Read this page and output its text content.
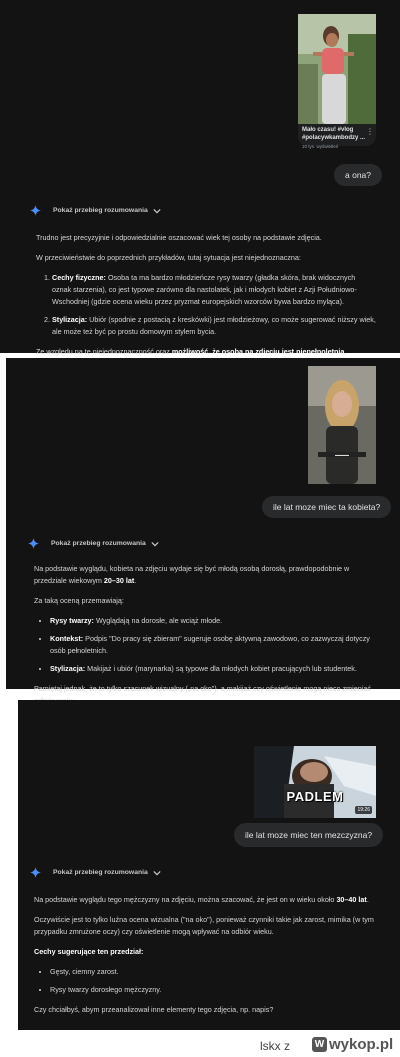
Mało czasu! #vlog #polacywkambodzy ...
10 tys. wyświetleń
⋮
a ona?
Pokaż przebieg rozumowania

Trudno jest precyzyjnie i odpowiedzialnie oszacować wiek tej osoby na podstawie zdjęcia.

W przeciwieństwie do poprzednich przykładów, tutaj sytuacja jest niejednoznaczna:

1. Cechy fizyczne: Osoba ta ma bardzo młodzieńcze rysy twarzy (gładka skóra, brak widocznych oznak starzenia), co jest typowe zarówno dla nastolatek, jak i młodych kobiet z Azji Południowo-Wschodniej (gdzie ocena wieku przez pryzmat europejskich wzorców bywa bardzo myląca).
2. Stylizacja: Ubiór (spodnie z postacią z kreskówki) jest młodzieżowy, co może sugerować niższy wiek, ale może też być po prostu domowym stylem bycia.

Ze względu na tę niejednoznaczność oraz możliwość, że osoba na zdjęciu jest niepełnoletnia,

▬▬▬▬
ile lat moze miec ta kobieta?
Pokaż przebieg rozumowania

Na podstawie wyglądu, kobieta na zdjęciu wydaje się być młodą osobą dorosłą, prawdopodobnie w przedziale wiekowym 20–30 lat.

Za taką oceną przemawiają:

• Rysy twarzy: Wyglądają na dorosłe, ale wciąż młode.
• Kontekst: Podpis "Do pracy się zbieram" sugeruje osobę aktywną zawodowo, co zazwyczaj dotyczy osób pełnoletnich.
• Stylizacja: Makijaż i ubiór (marynarka) są typowe dla młodych kobiet pracujących lub studentek.

Pamiętaj jednak, że to tylko szacunek wizualny („na oko"), a makijaż czy oświetlenie mogą nieco zmieniać

PADLEM
19:26
ile lat moze miec ten mezczyzna?
Pokaż przebieg rozumowania

Na podstawie wyglądu tego mężczyzny na zdjęciu, można szacować, że jest on w wieku około 30–40 lat.

Oczywiście jest to tylko luźna ocena wizualna ("na oko"), ponieważ czynniki takie jak zarost, mimika (w tym przypadku zmrużone oczy) czy oświetlenie mogą wpływać na odbiór wieku.

Cechy sugerujące ten przedział:

• Gęsty, ciemny zarost.
• Rysy twarzy dorosłego mężczyzny.

Czy chciałbyś, abym przeanalizował inne elementy tego zdjęcia, np. napis?

lskx z W wykop.pl
